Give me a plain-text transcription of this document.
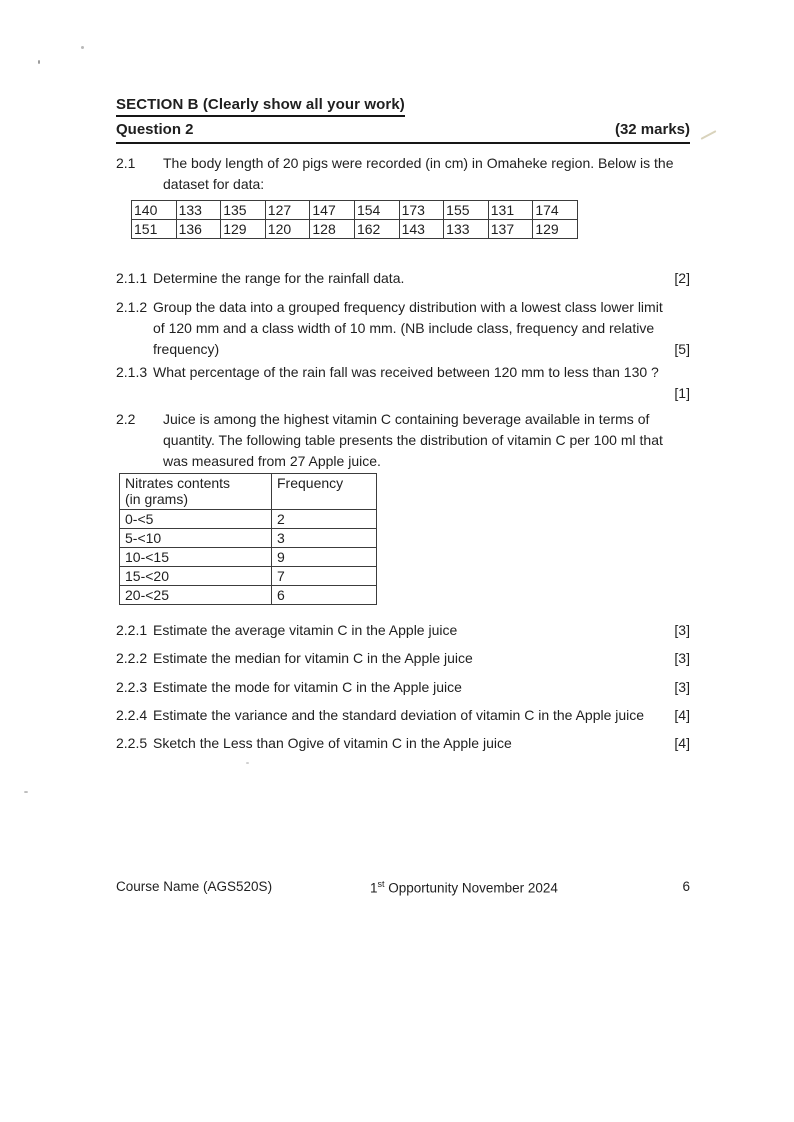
SECTION B (Clearly show all your work)
Question 2	(32 marks)
2.1 The body length of 20 pigs were recorded (in cm) in Omaheke region. Below is the
dataset for data:
140	133	135	127	147	154	173	155	131	174
151	136	129	120	128	162	143	133	137	129
2.1.1 Determine the range for the rainfall data.	[2]
2.1.2 Group the data into a grouped frequency distribution with a lowest class lower limit
of 120 mm and a class width of 10 mm. (NB include class, frequency and relative
frequency)	[5]
2.1.3 What percentage of the rain fall was received between 120 mm to less than 130 ?
[1]
2.2 Juice is among the highest vitamin C containing beverage available in terms of
quantity. The following table presents the distribution of vitamin C per 100 ml that
was measured from 27 Apple juice.
Nitrates contents
(in grams)	Frequency
0-<5	2
5-<10	3
10-<15	9
15-<20	7
20-<25	6
2.2.1 Estimate the average vitamin C in the Apple juice	[3]
2.2.2 Estimate the median for vitamin C in the Apple juice	[3]
2.2.3 Estimate the mode for vitamin C in the Apple juice	[3]
2.2.4 Estimate the variance and the standard deviation of vitamin C in the Apple juice	[4]
2.2.5 Sketch the Less than Ogive of vitamin C in the Apple juice	[4]
Course Name (AGS520S)	1st Opportunity November 2024	6
